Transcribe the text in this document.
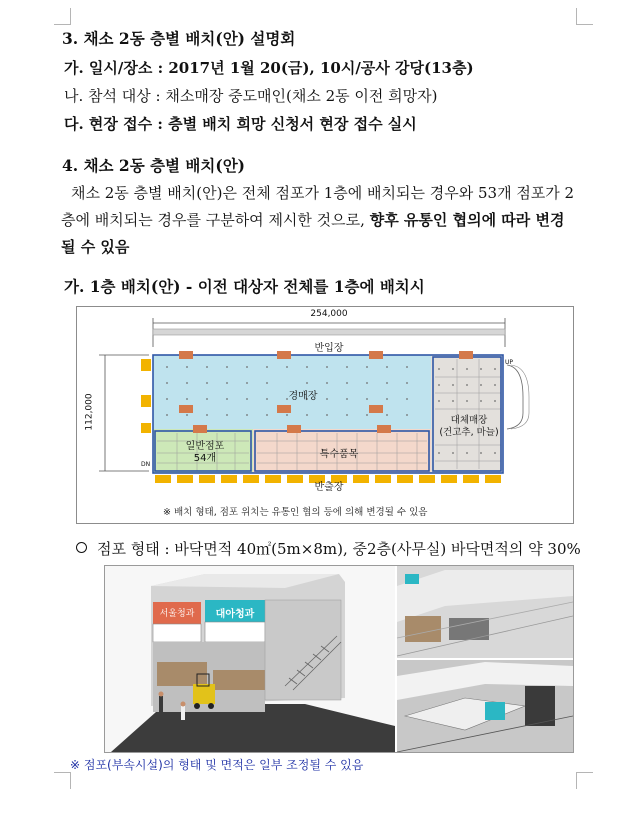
3. 채소 2동 층별 배치(안) 설명회
가. 일시/장소 : 2017년 1월 20(금), 10시/공사 강당(13층)
나. 참석 대상 : 채소매장 중도매인(채소 2동 이전 희망자)
다. 현장 접수 : 층별 배치 희망 신청서 현장 접수 실시
4. 채소 2동 층별 배치(안)
채소 2동 층별 배치(안)은 전체 점포가 1층에 배치되는 경우와 53개 점포가 2층에 배치되는 경우를 구분하여 제시한 것으로, 향후 유통인 협의에 따라 변경될 수 있음
가. 1층 배치(안) - 이전 대상자 전체를 1층에 배치시
254,000
112,000
반입장
경매장
일반점포
54개	특수품목
대체매장
(건고추, 마늘)
반출장
DN
UP
※ 배치 형태, 점포 위치는 유통인 협의 등에 의해 변경될 수 있음
점포 형태 : 바닥면적 40㎡(5m×8m), 중2층(사무실) 바닥면적의 약 30%
서울청과	대아청과
※ 점포(부속시설)의 형태 및 면적은 일부 조정될 수 있음
